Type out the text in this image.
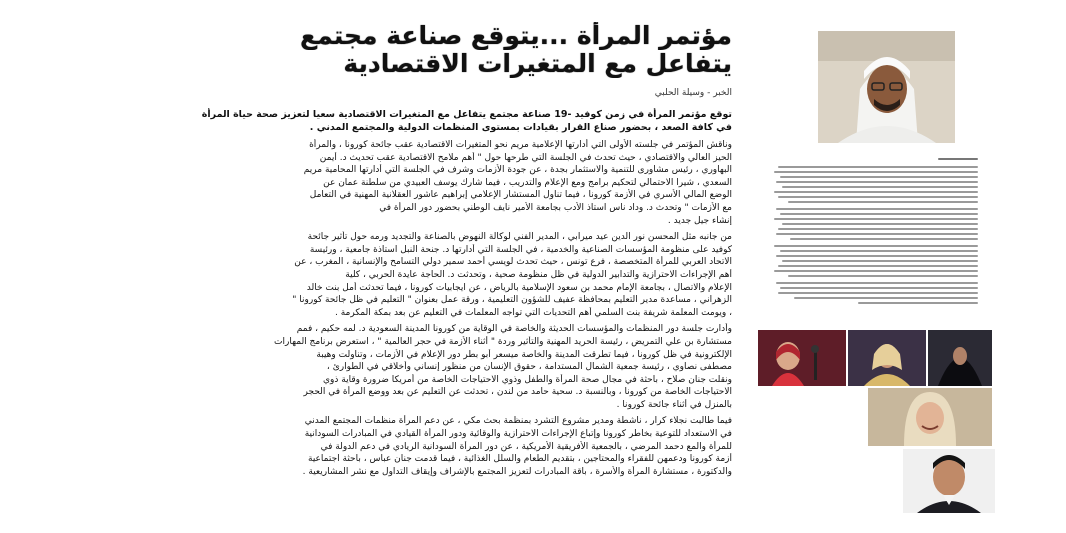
مؤتمر المرأة ...يتوقع صناعة مجتمع
يتفاعل مع المتغيرات الاقتصادية
الخبر - وسيلة الحلبي
توقع مؤتمر المرأة في زمن كوفيد -19 صناعة مجتمع يتفاعل مع المتغيرات الاقتصادية سعيا لتعزيز صحة حياة المرأة
في كافة الصعد ، بحضور صناع القرار بقيادات بمستوى المنظمات الدولية والمجتمع المدني .

وناقش المؤتمر في جلسته الأولى التي أدارتها الإعلامية مريم نحو المتغيرات الاقتصادية عقب جائحة كورونا ، والمرأة
الحيز العالي والاقتصادي ، حيث تحدث في الجلسة التي طرحها حول " أهم ملامح الاقتصادية عقب تحديث د. أيمن
البهاوري ، رئيس مشاورى للتنمية والاستثمار بجدة ، عن جودة الأزمات وشرف في الجلسة التي أدارتها المحامية مريم
السعدي ، شيرا الاحتمالي لتحكيم برامج ومع الإعلام والتدريب ، فيما شارك يوسف العبيدي من سلطنة عمان عن
الوضع المالي الأسري في الأزمة كورونا ، فيما تناول المستشار الإعلامي إبراهيم عاشور العقلانية المهنية في التعامل
مع الأزمات " وتحدث د. وداد ناس استاذ الأدب بجامعة الأمير نايف الوطني بحضور دور المرأة في
إنشاء جيل جديد .

من جانبه مثل المحسن نور الدين عيد ميرابي ، المدير الفني لوكالة النهوض بالصناعة والتجديد ورمه حول تأثير جائحة
كوفيد على منظومة المؤسسات الصناعية والخدمية ، في الجلسة التي أدارتها د. جنحة النبل استاذة جامعية ، ورئيسة
الاتحاد العربي للمرأة المتخصصة ، فرع تونس ، حيث تحدث لويسي أحمد سمير دولي التسامح والإنسانية ، المغرب ، عن
أهم الإجراءات الاحترازية والتدابير الدولية في ظل منظومة صحية ، وتحدثت د. الحاجة عايدة الحربي ، كلية
الإعلام والاتصال ، بجامعة الإمام محمد بن سعود الإسلامية بالرياض ، عن ايجابيات كورونا ، فيما تحدثت أمل بنت خالد
الزهراني ، مساعدة مدير التعليم بمحافظة عفيف للشؤون التعليمية ، ورقة عمل بعنوان " التعليم في ظل جائحة كورونا "
، ويومت المعلمة شريفة بنت السلمي أهم التحديات التي تواجه المعلمات في التعليم عن بعد بمكة المكرمة .

وأدارت جلسة دور المنظمات والمؤسسات الحديثة والخاصة في الوقاية من كورونا المدينة السعودية د. لمه حكيم ، فمم
مستشارة بن علي التمريض ، رئيسة الحريد المهنية والتأثير وردة " أثناء الأزمة في حجر العالمية " ، استعرض برنامج المهارات
الإلكترونية في ظل كورونا ، فيما تطرقت المدينة والخاصة ميسعر أبو بطر دور الإعلام في الأزمات ، وتناولت وهيبة
مصطفى نصاوي ، رئيسة جمعية الشمال المستدامة ، حقوق الإنسان من منظور إنساني وأخلاقي في الطوارئ ،
ونقلت جنان صلاح ، باحثة في مجال صحة المرأة والطفل وذوي الاحتياجات الخاصة من أمريكا ضرورة وقاية ذوي
الاحتياجات الخاصة من كورونا ، وبالنسبة د. سحية حامد من لندن ، تحدثت عن التعليم عن بعد ووضع المرأة في الحجر
بالمنزل في أثناء جائحة كورونا .

فيما طالبت نجلاء كرار ، ناشطة ومدير مشروع التشرد بمنظمة بحث مكي ، عن دعم المرأة منظمات المجتمع المدني
في الاستعداد للتوعية بخاطر كورونا وإتباع الإجراءات الاحترازية والوقائية ودور المرأة القيادي في المبادرات السودانية
للمرأة والمع دحمد المرضي ، بالجمعية الأفريقية الأمريكية ، عن دور المرأة السودانية الريادي في دعم الدولة في
أزمة كورونا ودعمهن للفقراء والمحتاجين ، بتقديم الطعام والسلل الغذائية ، فيما قدمت جنان عباس ، باحثة اجتماعية
والدكتورة ، مستشارة المرأة والأسرة ، باقة المبادرات لتعزيز المجتمع بالإشراف وإيقاف التداول مع نشر المشاريعية .
